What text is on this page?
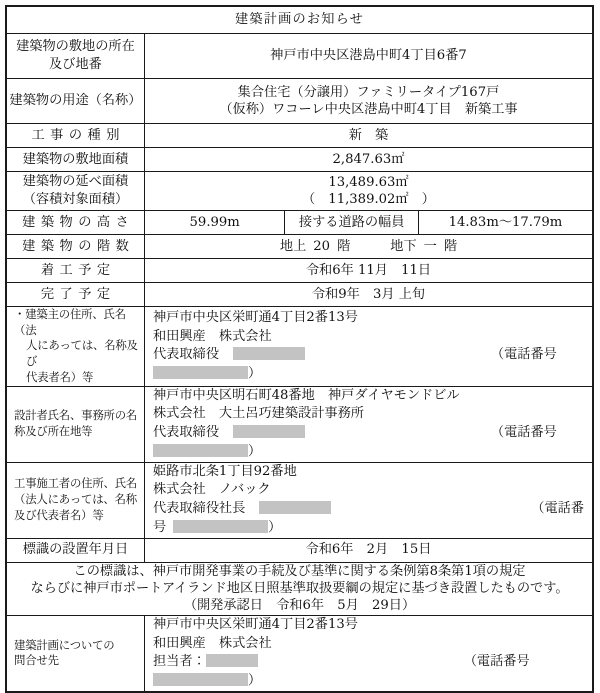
建築計画のお知らせ			

建築物の敷地の所在
及び地番	神戸市中央区港島中町4丁目6番7		
建築物の用途（名称）	集合住宅（分譲用）ファミリータイプ167戸
（仮称）ワコーレ中央区港島中町4丁目　新築工事		

工事の種別	新　築		
建築物の敷地面積	2,847.63㎡		

建築物の延べ面積
（容積対象面積）	13,489.63㎡
（　11,389.02㎡　）		

建築物の高さ	59.99m	接する道路の幅員	14.83m～17.79m
建築物の階数	地上 20 階 地下 一 階		
着工予定	令和6年 11月　11日		
完了予定	令和9年　3月 上旬		

・建築主の住所、氏名（法
人にあっては、名称及び
代表者名）等	神戸市中央区栄町通4丁目2番13号
和田興産　株式会社
代表取締役 （電話番号）		

設計者氏名、事務所の名
称及び所在地等	神戸市中央区明石町48番地　神戸ダイヤモンドビル
株式会社　大土呂巧建築設計事務所
代表取締役 （電話番号）		

工事施工者の住所、氏名
（法人にあっては、名称
及び代表者名）等	姫路市北条1丁目92番地
株式会社　ノバック
代表取締役社長 （電話番号 ）		

標識の設置年月日	令和6年　2月　15日		

この標識は、神戸市開発事業の手続及び基準に関する条例第8条第1項の規定
ならびに神戸市ポートアイランド地区日照基準取扱要綱の規定に基づき設置したものです。
（開発承認日　令和6年　5月　29日）			

建築計画についての
問合せ先	神戸市中央区栄町通4丁目2番13号
和田興産　株式会社
担当者： （電話番号）		
